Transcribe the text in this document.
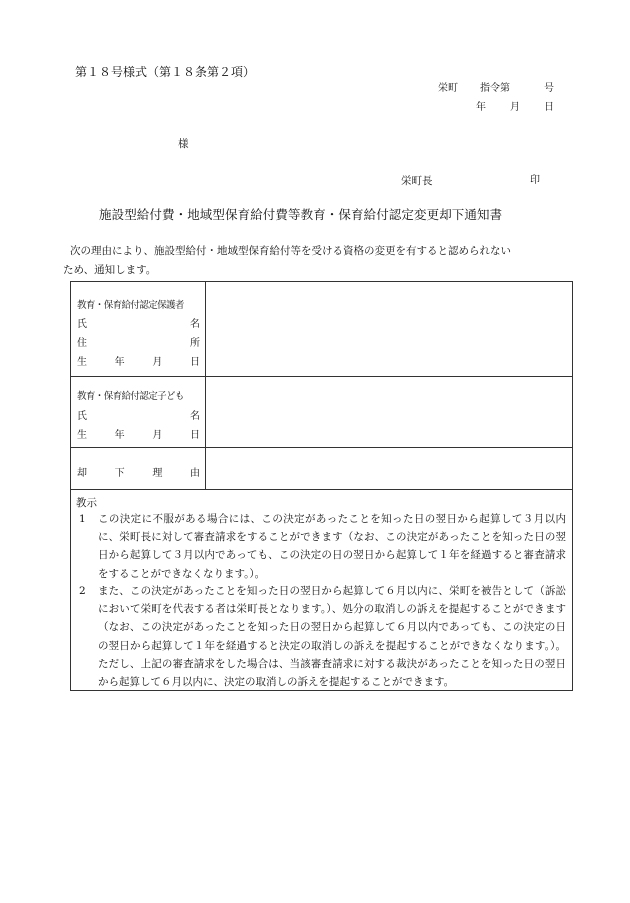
第１８号様式（第１８条第２項）
栄町 指令第	号
年 月 日
様
栄町長	印
施設型給付費・地域型保育給付費等教育・保育給付認定変更却下通知書
次の理由により、施設型給付・地域型保育給付等を受ける資格の変更を有すると認められない
ため、通知します。
教育・保育給付認定保護者
氏	名
住	所
生	年	月	日
教育・保育給付認定子ども
氏	名
生	年	月	日
却	下	理	由
教示
1 この決定に不服がある場合には、この決定があったことを知った日の翌日から起算して３月以内に、栄町長に対して審査請求をすることができます（なお、この決定があったことを知った日の翌日から起算して３月以内であっても、この決定の日の翌日から起算して１年を経過すると審査請求をすることができなくなります。）。
2 また、この決定があったことを知った日の翌日から起算して６月以内に、栄町を被告として（訴訟において栄町を代表する者は栄町長となります。）、処分の取消しの訴えを提起することができます（なお、この決定があったことを知った日の翌日から起算して６月以内であっても、この決定の日の翌日から起算して１年を経過すると決定の取消しの訴えを提起することができなくなります。）。ただし、上記の審査請求をした場合は、当該審査請求に対する裁決があったことを知った日の翌日から起算して６月以内に、決定の取消しの訴えを提起することができます。
